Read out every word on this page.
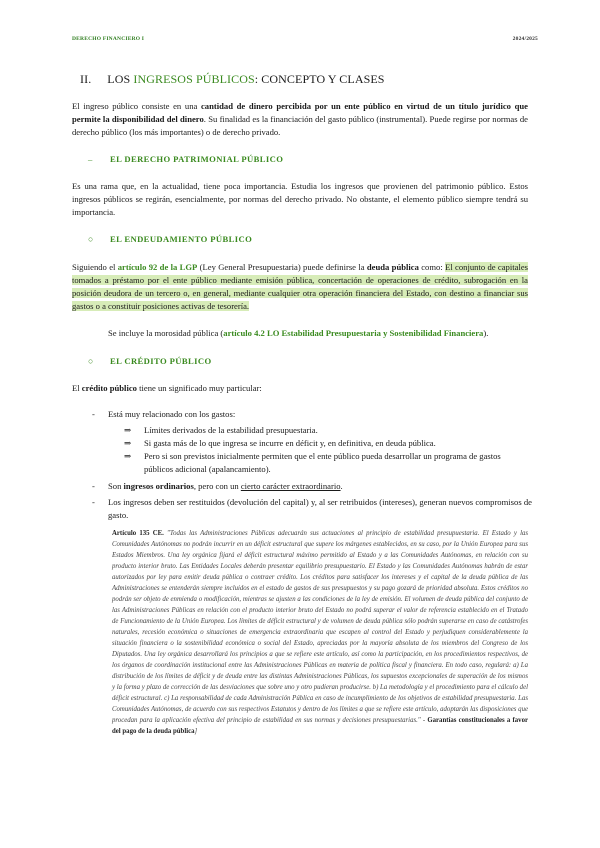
DERECHO FINANCIERO I	2024/2025
II. LOS INGRESOS PÚBLICOS: CONCEPTO Y CLASES
El ingreso público consiste en una cantidad de dinero percibida por un ente público en virtud de un título jurídico que permite la disponibilidad del dinero. Su finalidad es la financiación del gasto público (instrumental). Puede regirse por normas de derecho público (los más importantes) o de derecho privado.
– EL DERECHO PATRIMONIAL PÚBLICO
Es una rama que, en la actualidad, tiene poca importancia. Estudia los ingresos que provienen del patrimonio público. Estos ingresos públicos se regirán, esencialmente, por normas del derecho privado. No obstante, el elemento público siempre tendrá su importancia.
○ EL ENDEUDAMIENTO PÚBLICO
Siguiendo el artículo 92 de la LGP (Ley General Presupuestaria) puede definirse la deuda pública como: El conjunto de capitales tomados a préstamo por el ente público mediante emisión pública, concertación de operaciones de crédito, subrogación en la posición deudora de un tercero o, en general, mediante cualquier otra operación financiera del Estado, con destino a financiar sus gastos o a constituir posiciones activas de tesorería.
Se incluye la morosidad pública (artículo 4.2 LO Estabilidad Presupuestaria y Sostenibilidad Financiera).
○ EL CRÉDITO PÚBLICO
El crédito público tiene un significado muy particular:
- Está muy relacionado con los gastos:
⇒ Límites derivados de la estabilidad presupuestaria.
⇒ Si gasta más de lo que ingresa se incurre en déficit y, en definitiva, en deuda pública.
⇒ Pero si son previstos inicialmente permiten que el ente público pueda desarrollar un programa de gastos públicos adicional (apalancamiento).
- Son ingresos ordinarios, pero con un cierto carácter extraordinario.
- Los ingresos deben ser restituidos (devolución del capital) y, al ser retribuidos (intereses), generan nuevos compromisos de gasto.
Artículo 135 CE. "Todas las Administraciones Públicas adecuarán sus actuaciones al principio de estabilidad presupuestaria. El Estado y las Comunidades Autónomas no podrán incurrir en un déficit estructural que supere los márgenes establecidos, en su caso, por la Unión Europea para sus Estados Miembros. Una ley orgánica fijará el déficit estructural máximo permitido al Estado y a las Comunidades Autónomas, en relación con su producto interior bruto. Las Entidades Locales deberán presentar equilibrio presupuestario. El Estado y las Comunidades Autónomas habrán de estar autorizados por ley para emitir deuda pública o contraer crédito. Los créditos para satisfacer los intereses y el capital de la deuda pública de las Administraciones se entenderán siempre incluidos en el estado de gastos de sus presupuestos y su pago gozará de prioridad absoluta. Estos créditos no podrán ser objeto de enmienda o modificación, mientras se ajusten a las condiciones de la ley de emisión. El volumen de deuda pública del conjunto de las Administraciones Públicas en relación con el producto interior bruto del Estado no podrá superar el valor de referencia establecido en el Tratado de Funcionamiento de la Unión Europea. Los límites de déficit estructural y de volumen de deuda pública sólo podrán superarse en caso de catástrofes naturales, recesión económica o situaciones de emergencia extraordinaria que escapen al control del Estado y perjudiquen considerablemente la situación financiera o la sostenibilidad económica o social del Estado, apreciadas por la mayoría absoluta de los miembros del Congreso de los Diputados. Una ley orgánica desarrollará los principios a que se refiere este artículo, así como la participación, en los procedimientos respectivos, de los órganos de coordinación institucional entre las Administraciones Públicas en materia de política fiscal y financiera. En todo caso, regulará: a) La distribución de los límites de déficit y de deuda entre las distintas Administraciones Públicas, los supuestos excepcionales de superación de los mismos y la forma y plazo de corrección de las desviaciones que sobre uno y otro pudieran producirse. b) La metodología y el procedimiento para el cálculo del déficit estructural. c) La responsabilidad de cada Administración Pública en caso de incumplimiento de los objetivos de estabilidad presupuestaria. Las Comunidades Autónomas, de acuerdo con sus respectivos Estatutos y dentro de los límites a que se refiere este artículo, adoptarán las disposiciones que procedan para la aplicación efectiva del principio de estabilidad en sus normas y decisiones presupuestarias." - Garantías constitucionales a favor del pago de la deuda pública]
